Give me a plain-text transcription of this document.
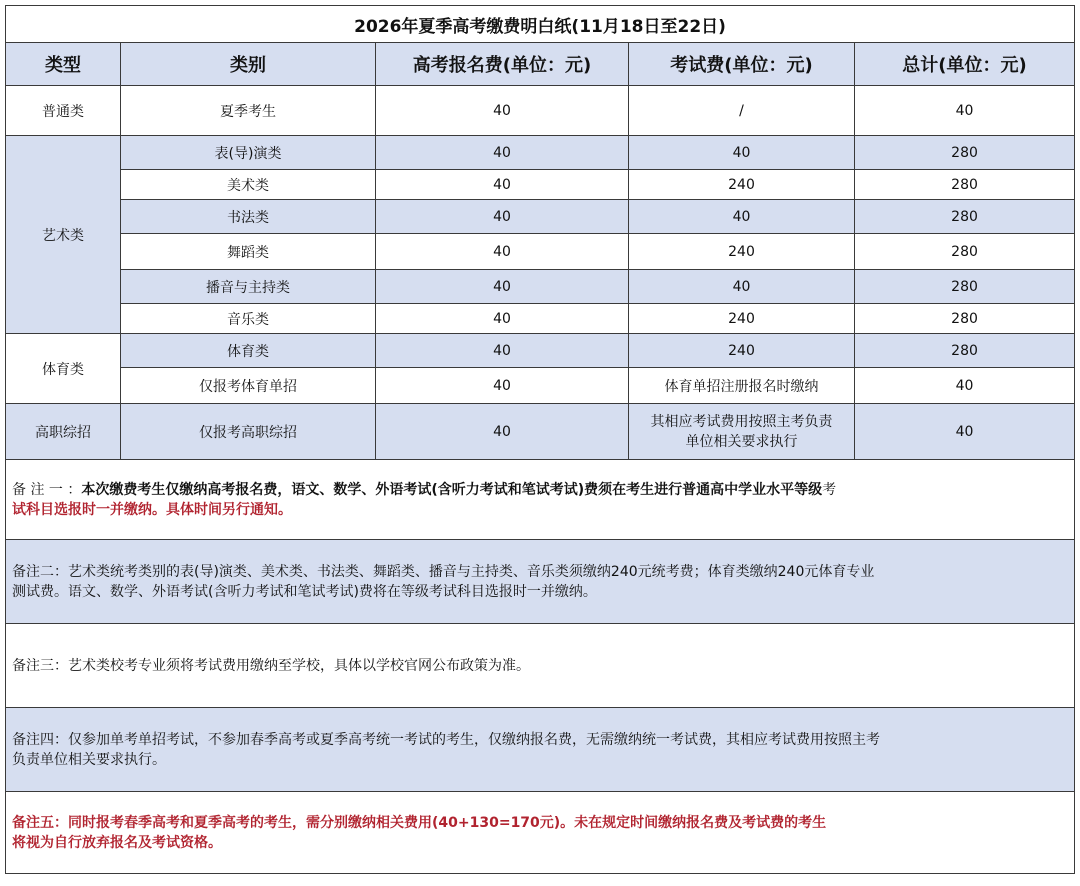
2026年夏季高考缴费明白纸(11月18日至22日)				
类型	类别	高考报名费(单位：元)	考试费(单位：元)	总计(单位：元)
普通类	夏季考生	40	/	40
艺术类	表(导)演类	40	40	280
	美术类	40	240	280
	书法类	40	40	280
	舞蹈类	40	240	280
	播音与主持类	40	40	280
	音乐类	40	240	280
体育类	体育类	40	240	280
	仅报考体育单招	40	体育单招注册报名时缴纳	40
高职综招	仅报考高职综招	40	其相应考试费用按照主考负责
单位相关要求执行	40

备 注 一 ：本次缴费考生仅缴纳高考报名费，语文、数学、外语考试(含听力考试和笔试考试)费须在考生进行普通高中学业水平等级考
试科目选报时一并缴纳。具体时间另行通知。				

备注二：艺术类统考类别的表(导)演类、美术类、书法类、舞蹈类、播音与主持类、音乐类须缴纳240元统考费；体育类缴纳240元体育专业
测试费。语文、数学、外语考试(含听力考试和笔试考试)费将在等级考试科目选报时一并缴纳。				

备注三：艺术类校考专业须将考试费用缴纳至学校，具体以学校官网公布政策为准。				

备注四：仅参加单考单招考试，不参加春季高考或夏季高考统一考试的考生，仅缴纳报名费，无需缴纳统一考试费，其相应考试费用按照主考
负责单位相关要求执行。				

备注五：同时报考春季高考和夏季高考的考生，需分别缴纳相关费用(40+130=170元)。未在规定时间缴纳报名费及考试费的考生
将视为自行放弃报名及考试资格。				
